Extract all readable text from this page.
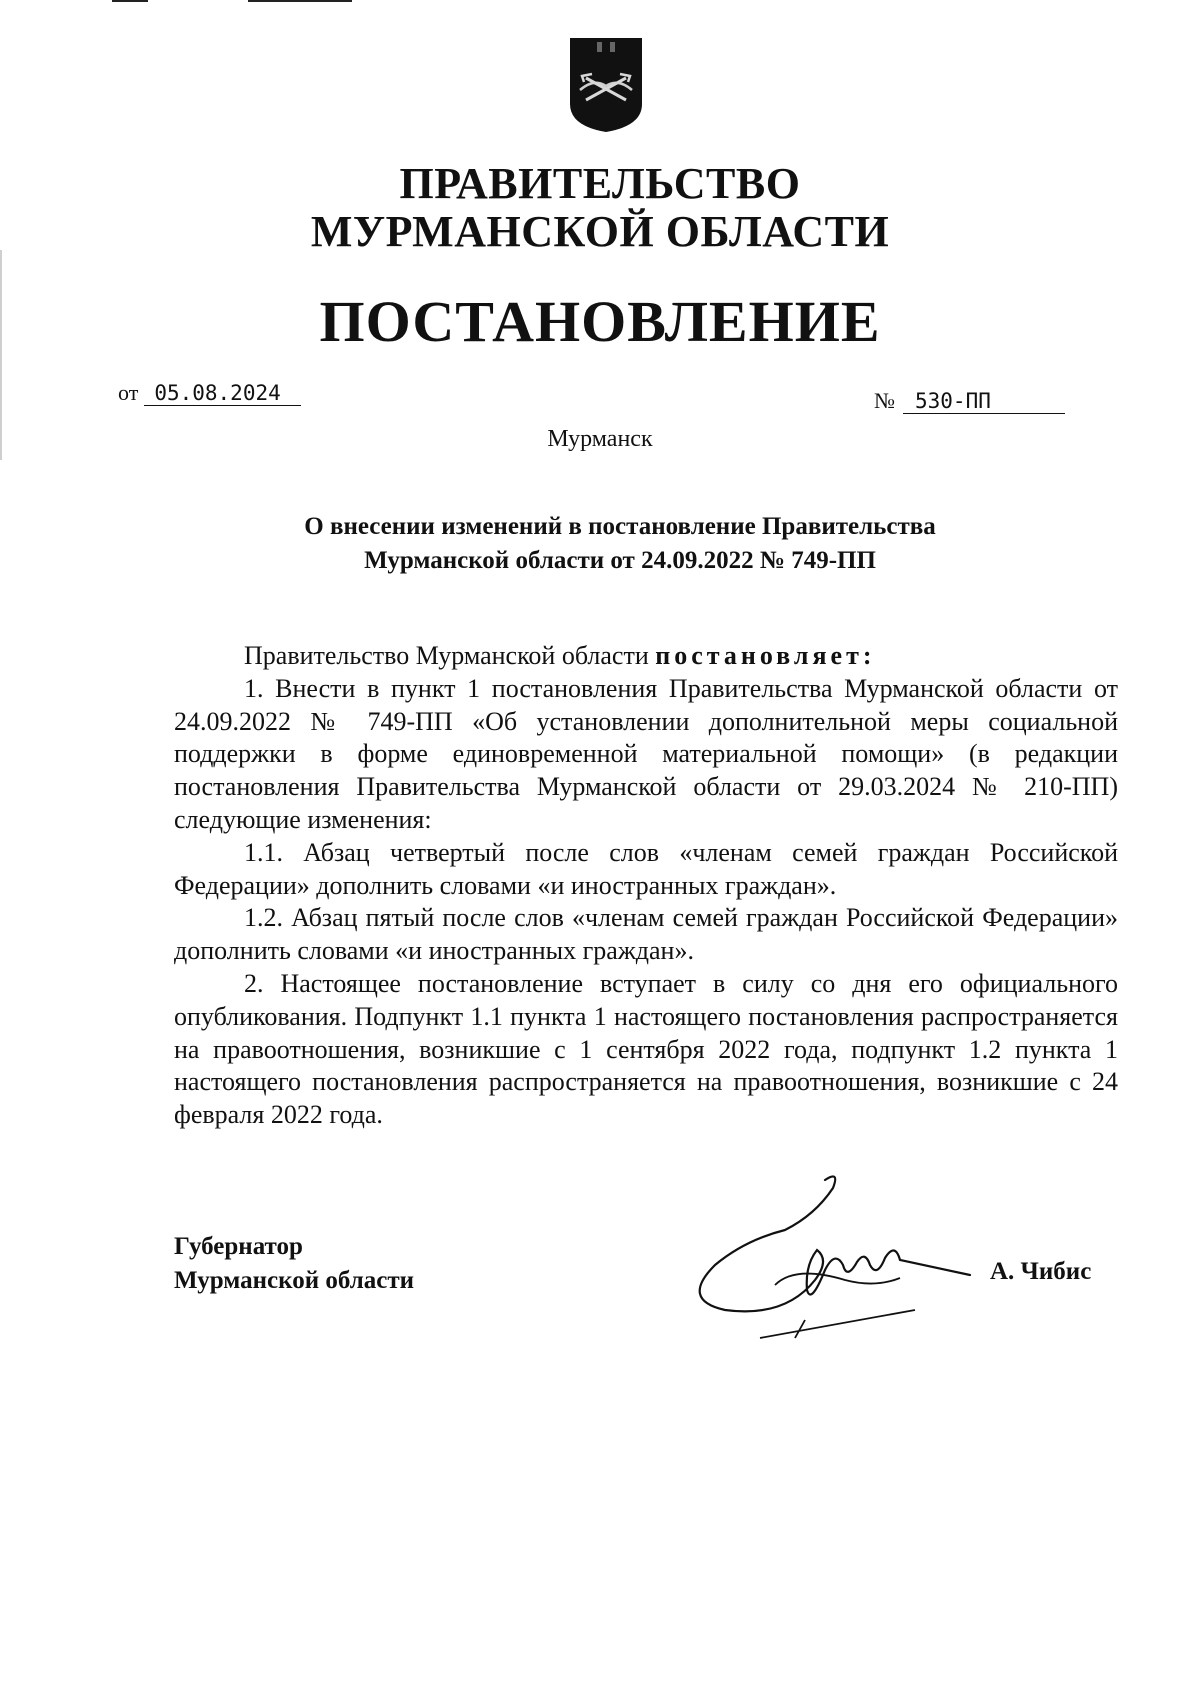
ПРАВИТЕЛЬСТВО
МУРМАНСКОЙ ОБЛАСТИ
ПОСТАНОВЛЕНИЕ
от 05.08.2024	№ 530-ПП
Мурманск
О внесении изменений в постановление Правительства
Мурманской области от 24.09.2022 № 749-ПП

Правительство Мурманской области постановляет:

1. Внести в пункт 1 постановления Правительства Мурманской области от 24.09.2022 № 749-ПП «Об установлении дополнительной меры социальной поддержки в форме единовременной материальной помощи» (в редакции постановления Правительства Мурманской области от 29.03.2024 № 210-ПП) следующие изменения:

1.1. Абзац четвертый после слов «членам семей граждан Российской Федерации» дополнить словами «и иностранных граждан».

1.2. Абзац пятый после слов «членам семей граждан Российской Федерации» дополнить словами «и иностранных граждан».

2. Настоящее постановление вступает в силу со дня его официального опубликования. Подпункт 1.1 пункта 1 настоящего постановления распространяется на правоотношения, возникшие с 1 сентября 2022 года, подпункт 1.2 пункта 1 настоящего постановления распространяется на правоотношения, возникшие с 24 февраля 2022 года.

Губернатор
Мурманской области	А. Чибис
